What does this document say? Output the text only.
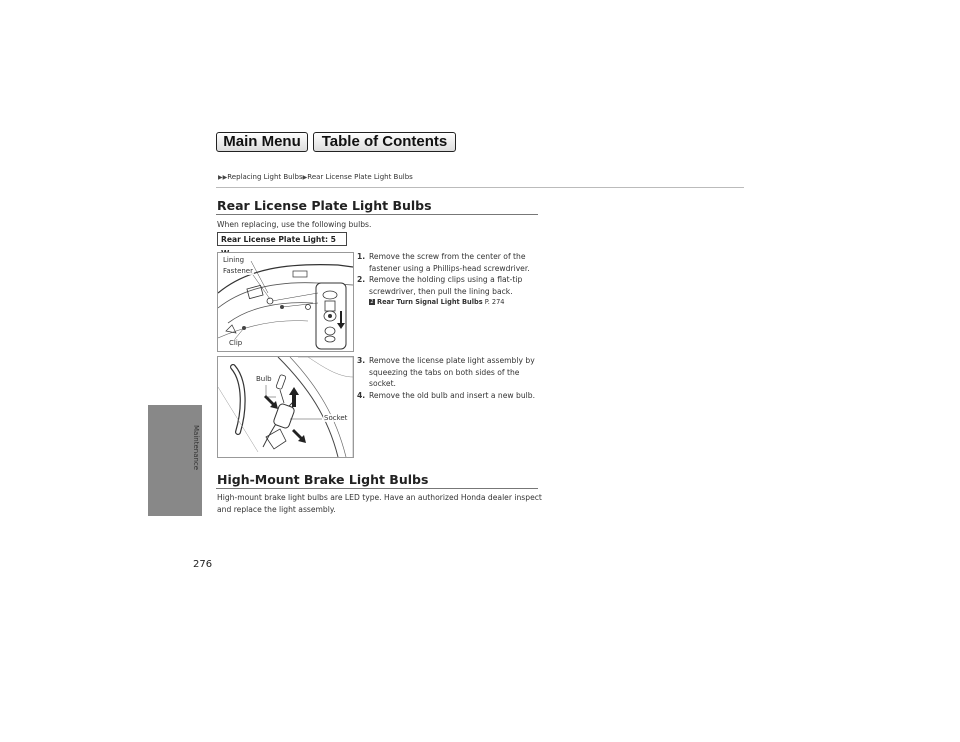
Main Menu	Table of Contents
▶▶Replacing Light Bulbs▶Rear License Plate Light Bulbs
Maintenance
276
Rear License Plate Light Bulbs
When replacing, use the following bulbs.
Rear License Plate Light: 5
Lining
Fastener
Clip
Bulb
Socket
1. Remove the screw from the center of the fastener using a Phillips-head screwdriver.
2. Remove the holding clips using a flat-tip screwdriver, then pull the lining back.
2 Rear Turn Signal Light Bulbs P. 274
3. Remove the license plate light assembly by squeezing the tabs on both sides of the socket.
4. Remove the old bulb and insert a new bulb.
High-Mount Brake Light Bulbs
High-mount brake light bulbs are LED type. Have an authorized Honda dealer inspect and replace the light assembly.
